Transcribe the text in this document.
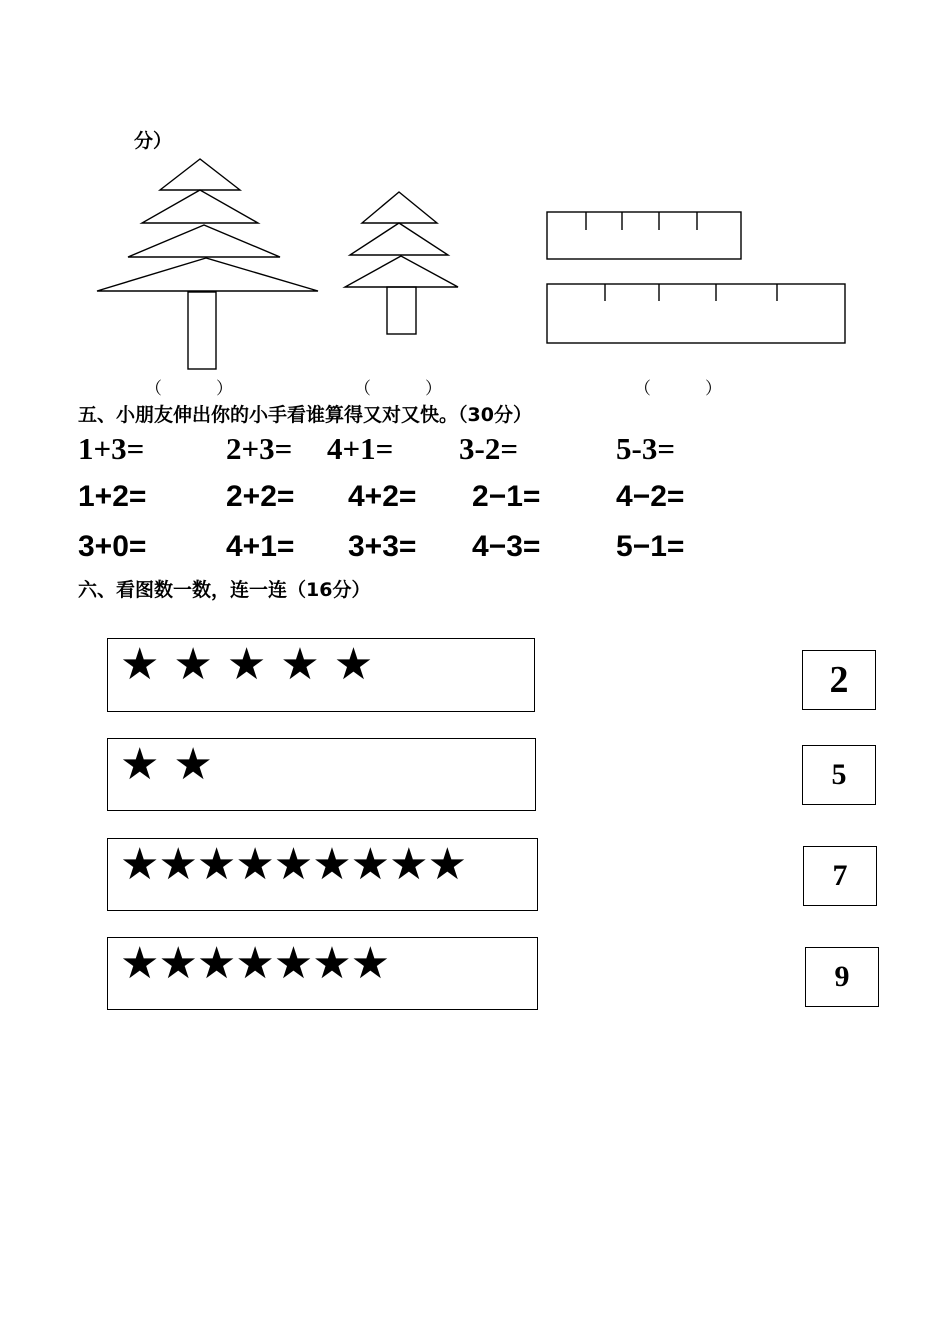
分）
（          ）	（          ）	（          ）
五、小朋友伸出你的小手看谁算得又对又快。（30分）
1+3=	2+3= 4+1= 3-2=	5-3=
1+2=	2+2= 4+2= 2−1=	4−2=
3+0=	4+1= 3+3= 4−3=	5−1=
六、看图数一数，连一连（16分）
★ ★ ★ ★ ★
★ ★
★★★★★★★★★
★★★★★★★
2
5
7
9
